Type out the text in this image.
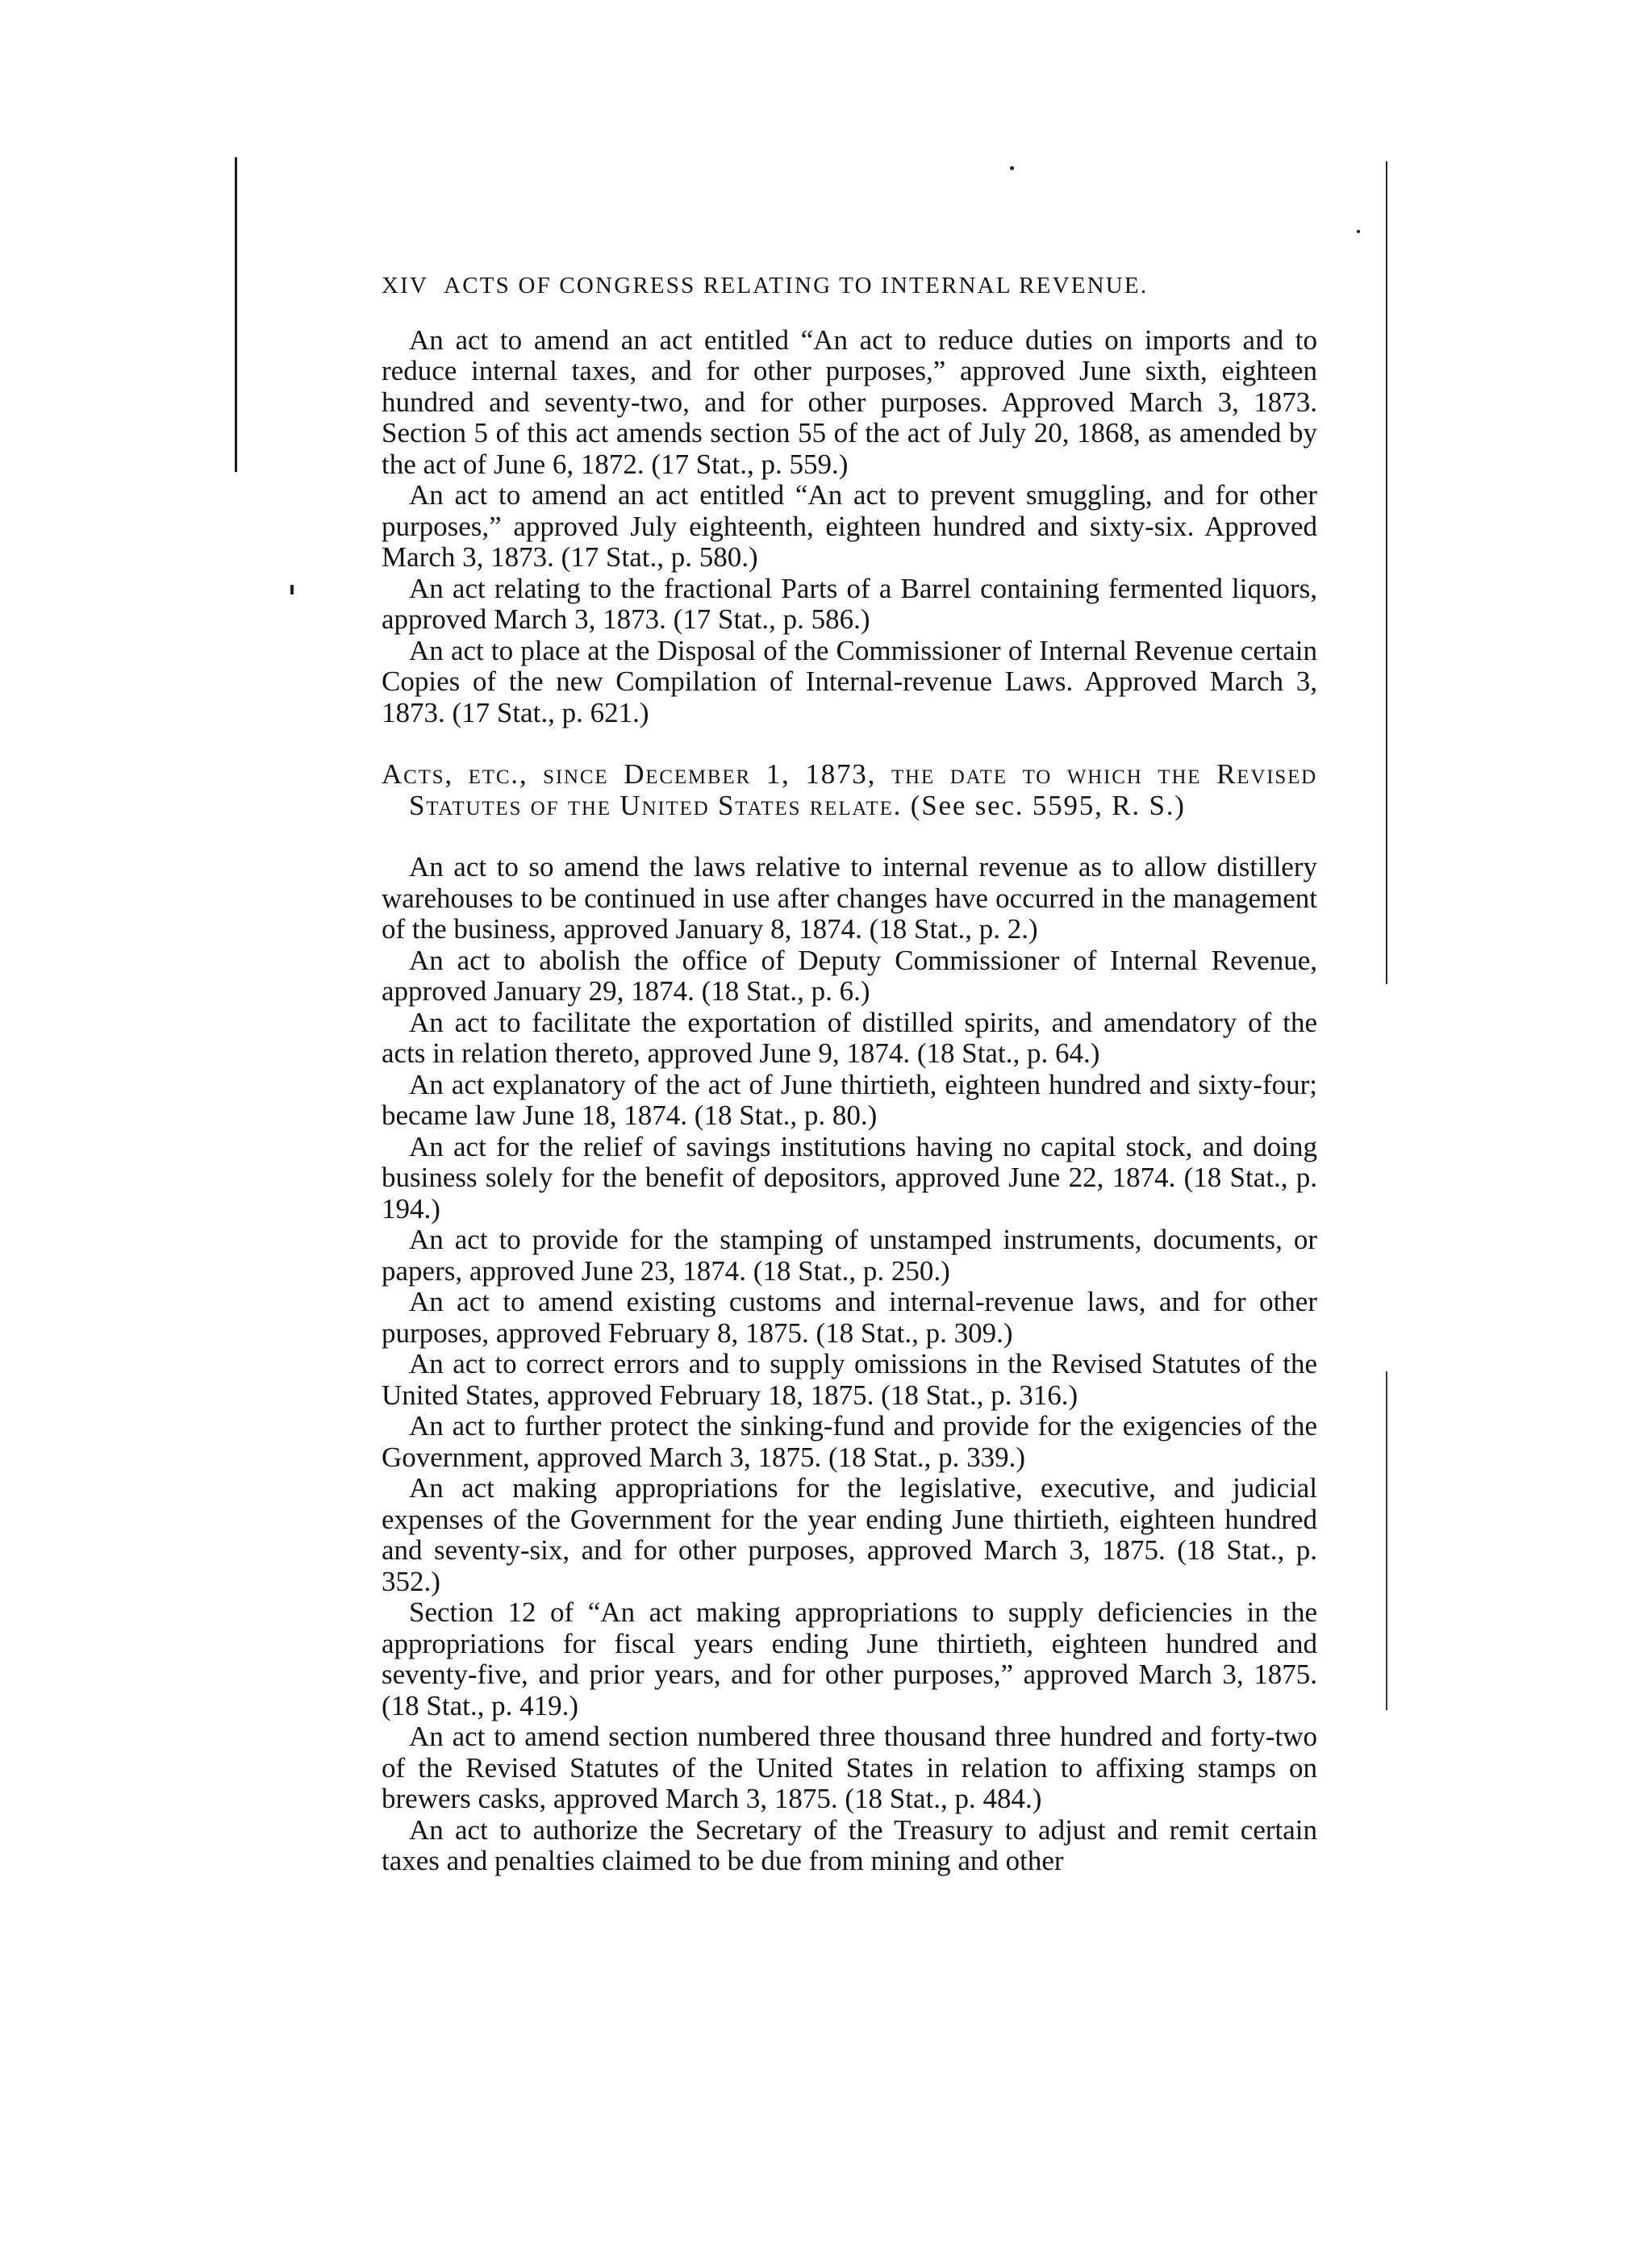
XIV ACTS OF CONGRESS RELATING TO INTERNAL REVENUE.

An act to amend an act entitled “An act to reduce duties on imports and to reduce internal taxes, and for other purposes,” approved June sixth, eighteen hundred and seventy-two, and for other purposes. Approved March 3, 1873. Section 5 of this act amends section 55 of the act of July 20, 1868, as amended by the act of June 6, 1872. (17 Stat., p. 559.)

An act to amend an act entitled “An act to prevent smuggling, and for other purposes,” approved July eighteenth, eighteen hundred and sixty-six. Approved March 3, 1873. (17 Stat., p. 580.)

An act relating to the fractional Parts of a Barrel containing fermented liquors, approved March 3, 1873. (17 Stat., p. 586.)

An act to place at the Disposal of the Commissioner of Internal Revenue certain Copies of the new Compilation of Internal-revenue Laws. Approved March 3, 1873. (17 Stat., p. 621.)

Acts, etc., since December 1, 1873, the date to which the Revised Statutes of the United States relate. (See sec. 5595, R. S.)

An act to so amend the laws relative to internal revenue as to allow distillery warehouses to be continued in use after changes have occurred in the management of the business, approved January 8, 1874. (18 Stat., p. 2.)

An act to abolish the office of Deputy Commissioner of Internal Revenue, approved January 29, 1874. (18 Stat., p. 6.)

An act to facilitate the exportation of distilled spirits, and amendatory of the acts in relation thereto, approved June 9, 1874. (18 Stat., p. 64.)

An act explanatory of the act of June thirtieth, eighteen hundred and sixty-four; became law June 18, 1874. (18 Stat., p. 80.)

An act for the relief of savings institutions having no capital stock, and doing business solely for the benefit of depositors, approved June 22, 1874. (18 Stat., p. 194.)

An act to provide for the stamping of unstamped instruments, documents, or papers, approved June 23, 1874. (18 Stat., p. 250.)

An act to amend existing customs and internal-revenue laws, and for other purposes, approved February 8, 1875. (18 Stat., p. 309.)

An act to correct errors and to supply omissions in the Revised Statutes of the United States, approved February 18, 1875. (18 Stat., p. 316.)

An act to further protect the sinking-fund and provide for the exigencies of the Government, approved March 3, 1875. (18 Stat., p. 339.)

An act making appropriations for the legislative, executive, and judicial expenses of the Government for the year ending June thirtieth, eighteen hundred and seventy-six, and for other purposes, approved March 3, 1875. (18 Stat., p. 352.)

Section 12 of “An act making appropriations to supply deficiencies in the appropriations for fiscal years ending June thirtieth, eighteen hundred and seventy-five, and prior years, and for other purposes,” approved March 3, 1875. (18 Stat., p. 419.)

An act to amend section numbered three thousand three hundred and forty-two of the Revised Statutes of the United States in relation to affixing stamps on brewers casks, approved March 3, 1875. (18 Stat., p. 484.)

An act to authorize the Secretary of the Treasury to adjust and remit certain taxes and penalties claimed to be due from mining and other
